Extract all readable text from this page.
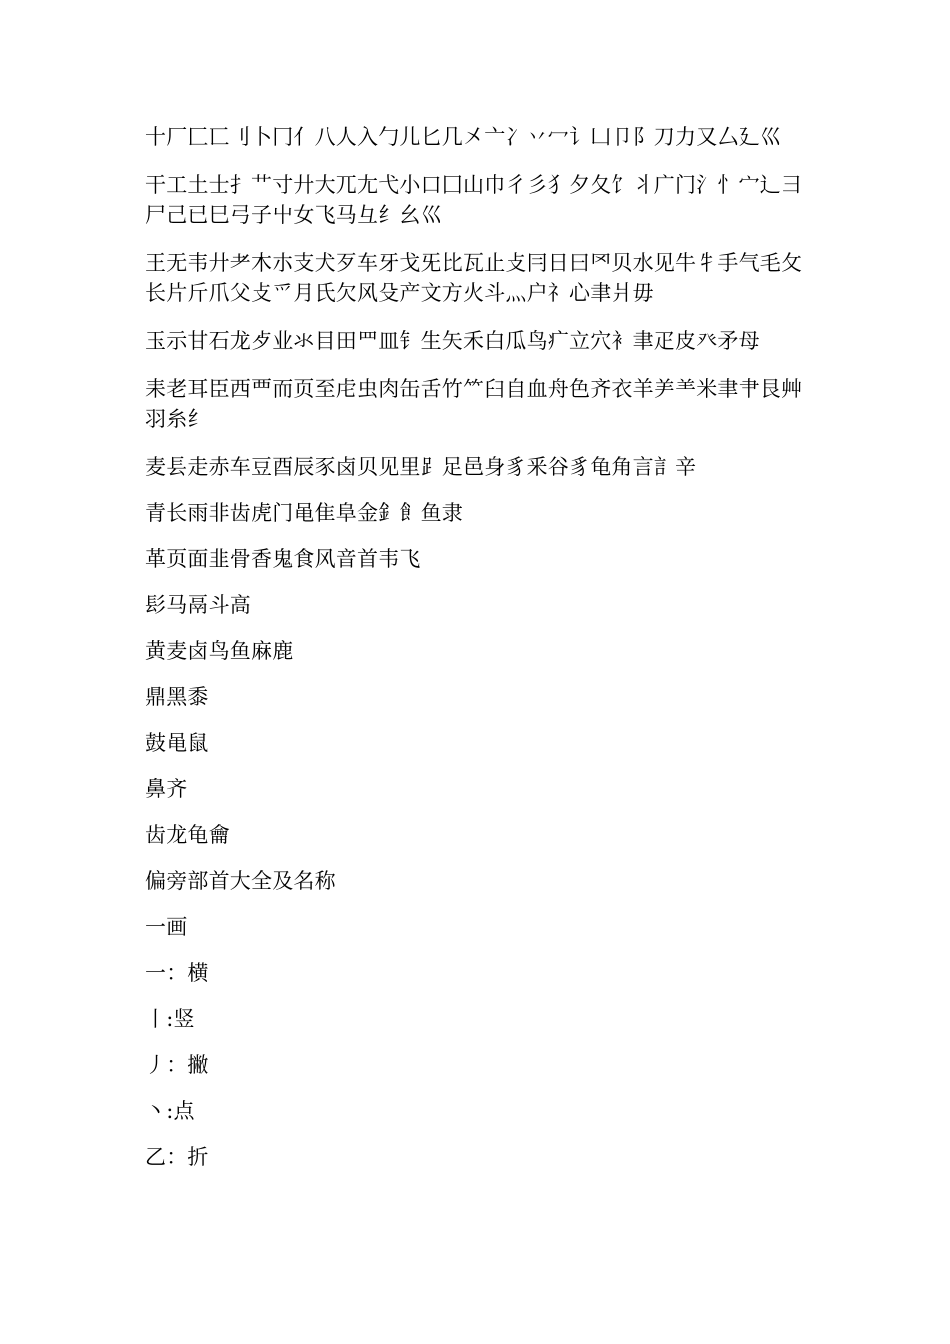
十厂匚匸刂卜冂亻八人入勹儿匕几㐅亠冫丷冖讠凵卩阝刀力又厶廴巛
干工土士扌艹寸廾大兀尢弋小口囗山巾彳彡犭夕夂饣丬广门氵忄宀辶彐尸己已巳弓子屮女飞马彑纟幺巛
王无韦廾耂木朩支犬歹车牙戈旡比瓦止攴冃日曰罓贝水见牛牜手气毛攵长片斤爪父攴爫月氏欠风殳产文方火斗灬户礻心聿爿毋
玉示甘石龙歺业氺目田罒皿钅生矢禾白瓜鸟疒立穴衤聿疋皮癶矛母
耒老耳臣西覀而页至虍虫肉缶舌竹⺮臼自血舟色齐衣羊⺶⺷米聿肀艮艸羽糸纟
麦镸走赤车豆酉辰豕卤贝见里⻊足邑身豸釆谷豸龟角言訁辛
青长雨非齿虎门黾隹阜金釒飠鱼隶
革页面韭骨香鬼食风音首韦飞
髟马鬲斗高
黄麦卤鸟鱼麻鹿
鼎黑黍
鼓黾鼠
鼻齐
齿龙龟龠
偏旁部首大全及名称
一画
一：横
丨:竖
丿：撇
丶:点
乙：折
